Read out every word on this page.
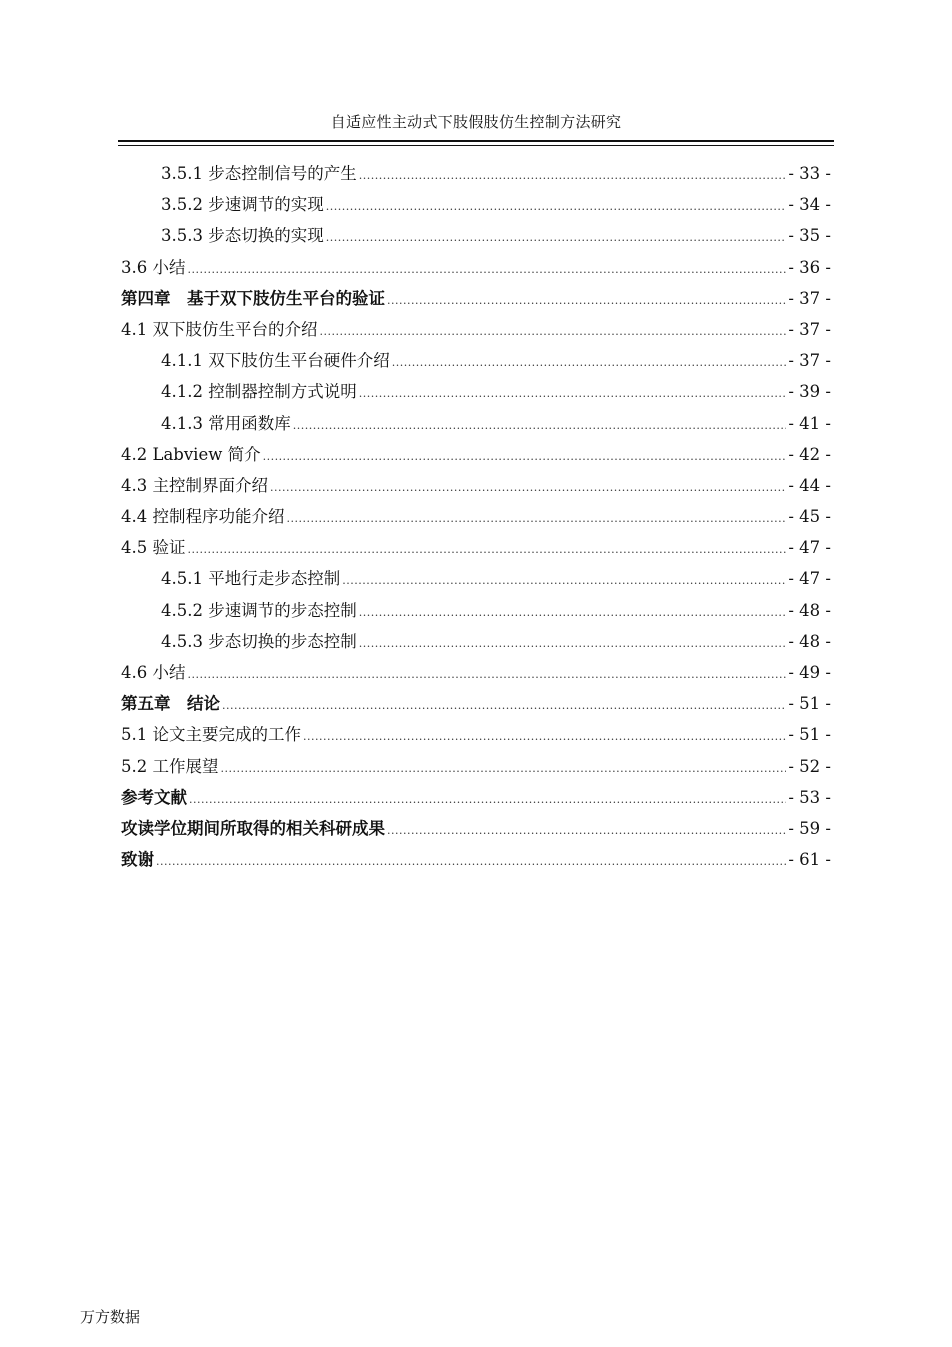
自适应性主动式下肢假肢仿生控制方法研究
3.5.1 步态控制信号的产生 .....	- 33 -
3.5.2 步速调节的实现 .....	- 34 -
3.5.3 步态切换的实现 .....	- 35 -
3.6 小结 .....	- 36 -
第四章　基于双下肢仿生平台的验证 .....	- 37 -
4.1 双下肢仿生平台的介绍 .....	- 37 -
4.1.1 双下肢仿生平台硬件介绍 .....	- 37 -
4.1.2 控制器控制方式说明 .....	- 39 -
4.1.3 常用函数库 .....	- 41 -
4.2 Labview 简介 .....	- 42 -
4.3 主控制界面介绍 .....	- 44 -
4.4 控制程序功能介绍 .....	- 45 -
4.5 验证 .....	- 47 -
4.5.1 平地行走步态控制 .....	- 47 -
4.5.2 步速调节的步态控制 .....	- 48 -
4.5.3 步态切换的步态控制 .....	- 48 -
4.6 小结 .....	- 49 -
第五章　结论 .....	- 51 -
5.1 论文主要完成的工作 .....	- 51 -
5.2 工作展望 .....	- 52 -
参考文献 .....	- 53 -
攻读学位期间所取得的相关科研成果 .....	- 59 -
致谢 .....	- 61 -
万方数据
